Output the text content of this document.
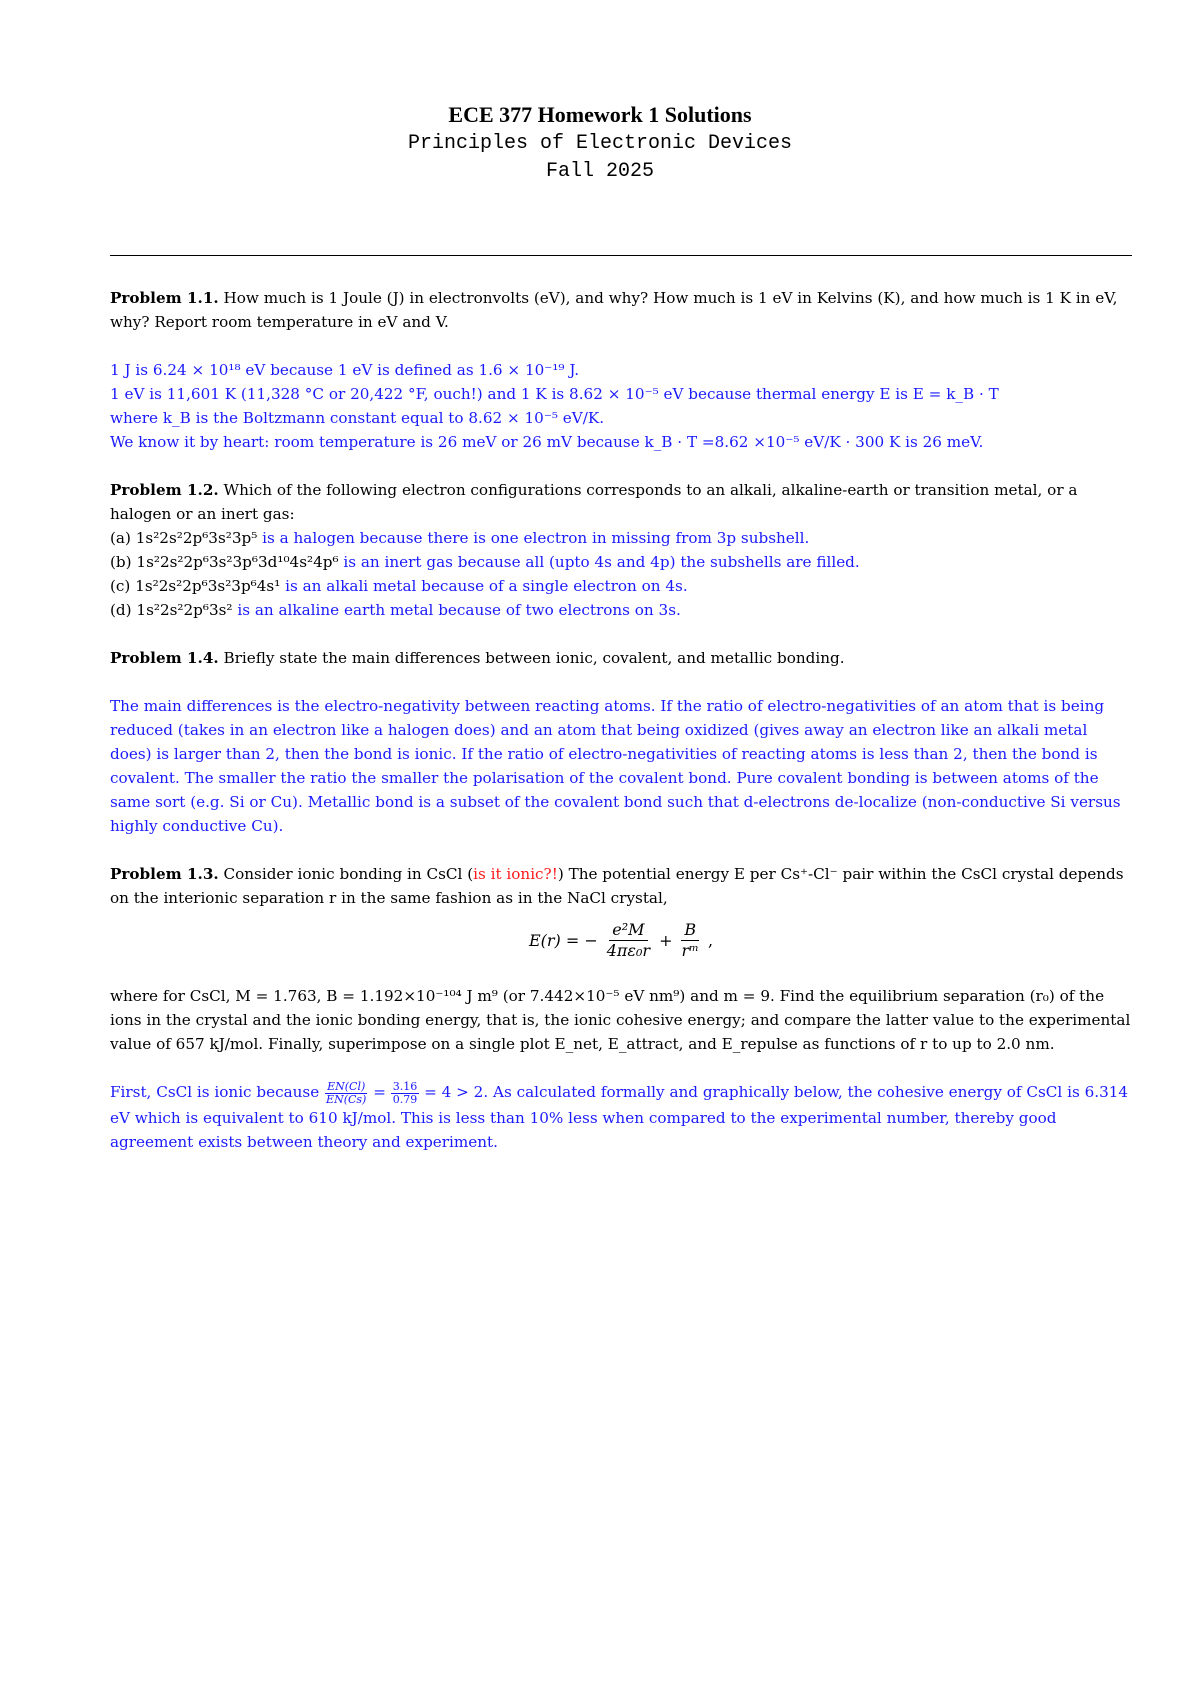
ECE 377 Homework 1 Solutions
Principles of Electronic Devices
Fall 2025

Problem 1.1. How much is 1 Joule (J) in electronvolts (eV), and why? How much is 1 eV in Kelvins (K), and how much is 1 K in eV, why? Report room temperature in eV and V.

1 J is 6.24 × 10¹⁸ eV because 1 eV is defined as 1.6 × 10⁻¹⁹ J.

1 eV is 11,601 K (11,328 °C or 20,422 °F, ouch!) and 1 K is 8.62 × 10⁻⁵ eV because thermal energy E is E = k_B · T

where k_B is the Boltzmann constant equal to 8.62 × 10⁻⁵ eV/K.

We know it by heart: room temperature is 26 meV or 26 mV because k_B · T =8.62 ×10⁻⁵ eV/K · 300 K is 26 meV.

Problem 1.2. Which of the following electron configurations corresponds to an alkali, alkaline-earth or transition metal, or a halogen or an inert gas:

(a) 1s²2s²2p⁶3s²3p⁵ is a halogen because there is one electron in missing from 3p subshell.

(b) 1s²2s²2p⁶3s²3p⁶3d¹⁰4s²4p⁶ is an inert gas because all (upto 4s and 4p) the subshells are filled.

(c) 1s²2s²2p⁶3s²3p⁶4s¹ is an alkali metal because of a single electron on 4s.

(d) 1s²2s²2p⁶3s² is an alkaline earth metal because of two electrons on 3s.

Problem 1.4. Briefly state the main differences between ionic, covalent, and metallic bonding.

The main differences is the electro-negativity between reacting atoms. If the ratio of electro-negativities of an atom that is being reduced (takes in an electron like a halogen does) and an atom that being oxidized (gives away an electron like an alkali metal does) is larger than 2, then the bond is ionic. If the ratio of electro-negativities of reacting atoms is less than 2, then the bond is covalent. The smaller the ratio the smaller the polarisation of the covalent bond. Pure covalent bonding is between atoms of the same sort (e.g. Si or Cu). Metallic bond is a subset of the covalent bond such that d-electrons de-localize (non-conductive Si versus highly conductive Cu).

Problem 1.3. Consider ionic bonding in CsCl (is it ionic?!) The potential energy E per Cs⁺-Cl⁻ pair within the CsCl crystal depends on the interionic separation r in the same fashion as in the NaCl crystal,

E(r) = − $\frac{\text{e²M}}{\text{4πε₀r}} + \frac{B}{\text{rᵐ}}$ ,

where for CsCl, M = 1.763, B = 1.192×10⁻¹⁰⁴ J m⁹ (or 7.442×10⁻⁵ eV nm⁹) and m = 9. Find the equilibrium separation (r₀) of the ions in the crystal and the ionic bonding energy, that is, the ionic cohesive energy; and compare the latter value to the experimental value of 657 kJ/mol. Finally, superimpose on a single plot E_net, E_attract, and E_repulse as functions of r to up to 2.0 nm.

First, CsCl is ionic because $\frac{EN(Cl)}{EN(Cs)} = \frac{3.16}{0.79} = 4 > 2$. As calculated formally and graphically below, the cohesive energy of CsCl is 6.314 eV which is equivalent to 610 kJ/mol. This is less than 10% less when compared to the experimental number, thereby good agreement exists between theory and experiment.
